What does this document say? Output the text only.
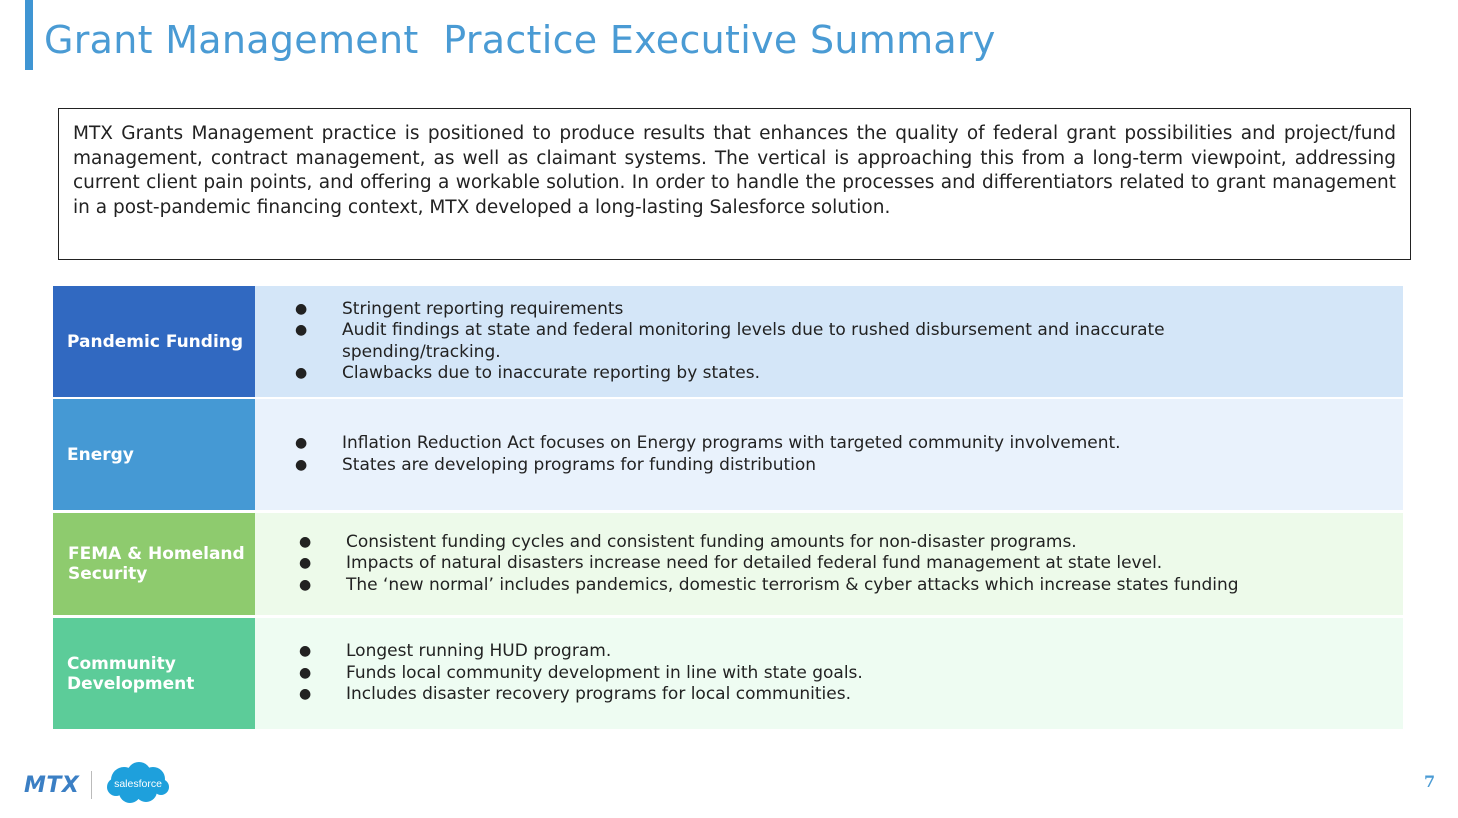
Grant Management  Practice Executive Summary

MTX Grants Management practice is positioned to produce results that enhances the quality of federal grant possibilities and project/fund management, contract management, as well as claimant systems. The vertical is approaching this from a long-term viewpoint, addressing current client pain points, and offering a workable solution. In order to handle the processes and differentiators related to grant management in a post-pandemic financing context, MTX developed a long-lasting Salesforce solution.

Pandemic Funding
● Stringent reporting requirements
● Audit findings at state and federal monitoring levels due to rushed disbursement and inaccurate spending/tracking.
● Clawbacks due to inaccurate reporting by states.
Energy
● Inflation Reduction Act focuses on Energy programs with targeted community involvement.
● States are developing programs for funding distribution
FEMA & Homeland Security
● Consistent funding cycles and consistent funding amounts for non-disaster programs.
● Impacts of natural disasters increase need for detailed federal fund management at state level.
● The ‘new normal’ includes pandemics, domestic terrorism & cyber attacks which increase states funding
Community Development
● Longest running HUD program.
● Funds local community development in line with state goals.
● Includes disaster recovery programs for local communities.
MTX	salesforce	7
